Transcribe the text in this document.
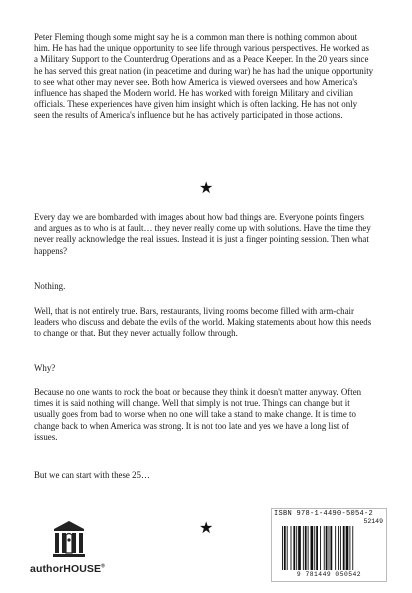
Peter Fleming though some might say he is a common man there is nothing common about him. He has had the unique opportunity to see life through various perspectives. He worked as a Military Support to the Counterdrug Operations and as a Peace Keeper. In the 20 years since he has served this great nation (in peacetime and during war) he has had the unique opportunity to see what other may never see. Both how America is viewed oversees and how America's influence has shaped the Modern world. He has worked with foreign Military and civilian officials. These experiences have given him insight which is often lacking. He has not only seen the results of America's influence but he has actively participated in those actions.

★

Every day we are bombarded with images about how bad things are. Everyone points fingers and argues as to who is at fault… they never really come up with solutions. Have the time they never really acknowledge the real issues. Instead it is just a finger pointing session. Then what happens?

Nothing.

Well, that is not entirely true. Bars, restaurants, living rooms become filled with arm-chair leaders who discuss and debate the evils of the world. Making statements about how this needs to change or that. But they never actually follow through.

Why?

Because no one wants to rock the boat or because they think it doesn't matter anyway. Often times it is said nothing will change. Well that simply is not true. Things can change but it usually goes from bad to worse when no one will take a stand to make change. It is time to change back to when America was strong. It is not too late and yes we have a long list of issues.

But we can start with these 25…

★
authorHOUSE®
ISBN 978-1-4490-5054-2
52149
9 781449 050542
